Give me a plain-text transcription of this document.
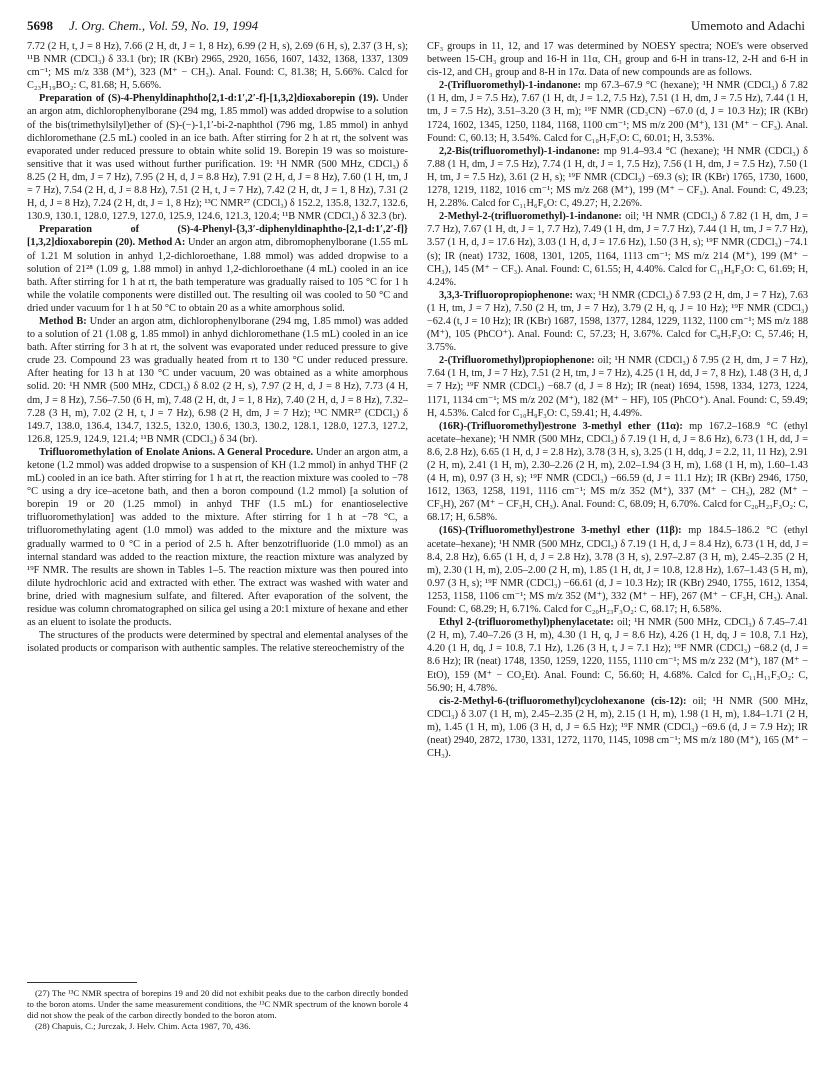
5698 J. Org. Chem., Vol. 59, No. 19, 1994	Umemoto and Adachi

7.72 (2 H, t, J = 8 Hz), 7.66 (2 H, dt, J = 1, 8 Hz), 6.99 (2 H, s), 2.69 (6 H, s), 2.37 (3 H, s); ¹¹B NMR (CDCl₃) δ 33.1 (br); IR (KBr) 2965, 2920, 1656, 1607, 1432, 1368, 1337, 1309 cm⁻¹; MS m/z 338 (M⁺), 323 (M⁺ − CH₃). Anal. Found: C, 81.38; H, 5.66%. Calcd for C₂₃H₁₉BO₂: C, 81.68; H, 5.66%.

Preparation of (S)-4-Phenyldinaphtho[2,1-d:1′,2′-f]-[1,3,2]dioxaborepin (19). Under an argon atm, dichlorophenylborane (294 mg, 1.85 mmol) was added dropwise to a solution of the bis(trimethylsilyl)ether of (S)-(−)-1,1′-bi-2-naphthol (796 mg, 1.85 mmol) in anhyd dichloromethane (2.5 mL) cooled in an ice bath. After stirring for 2 h at rt, the solvent was evaporated under reduced pressure to obtain white solid 19. Borepin 19 was so moisture-sensitive that it was used without further purification. 19: ¹H NMR (500 MHz, CDCl₃) δ 8.25 (2 H, dm, J = 7 Hz), 7.95 (2 H, d, J = 8.8 Hz), 7.91 (2 H, d, J = 8 Hz), 7.60 (1 H, tm, J = 7 Hz), 7.54 (2 H, d, J = 8.8 Hz), 7.51 (2 H, t, J = 7 Hz), 7.42 (2 H, dt, J = 1, 8 Hz), 7.31 (2 H, d, J = 8 Hz), 7.24 (2 H, dt, J = 1, 8 Hz); ¹³C NMR²⁷ (CDCl₃) δ 152.2, 135.8, 132.7, 132.6, 130.9, 130.1, 128.0, 127.9, 127.0, 125.9, 124.6, 121.3, 120.4; ¹¹B NMR (CDCl₃) δ 32.3 (br).

Preparation of (S)-4-Phenyl-{3,3′-diphenyldinaphtho-[2,1-d:1′,2′-f]}[1,3,2]dioxaborepin (20). Method A: Under an argon atm, dibromophenylborane (1.55 mL of 1.21 M solution in anhyd 1,2-dichloroethane, 1.88 mmol) was added dropwise to a solution of 21²⁸ (1.09 g, 1.88 mmol) in anhyd 1,2-dichloroethane (4 mL) cooled in an ice bath. After stirring for 1 h at rt, the bath temperature was gradually raised to 105 °C for 1 h while the volatile components were distilled out. The resulting oil was cooled to 50 °C and dried under vacuum for 1 h at 50 °C to obtain 20 as a white amorphous solid.

Method B: Under an argon atm, dichlorophenylborane (294 mg, 1.85 mmol) was added to a solution of 21 (1.08 g, 1.85 mmol) in anhyd dichloromethane (1.5 mL) cooled in an ice bath. After stirring for 3 h at rt, the solvent was evaporated under reduced pressure to give crude 23. Compound 23 was gradually heated from rt to 130 °C under reduced pressure. After heating for 13 h at 130 °C under vacuum, 20 was obtained as a white amorphous solid. 20: ¹H NMR (500 MHz, CDCl₃) δ 8.02 (2 H, s), 7.97 (2 H, d, J = 8 Hz), 7.73 (4 H, dm, J = 8 Hz), 7.56–7.50 (6 H, m), 7.48 (2 H, dt, J = 1, 8 Hz), 7.40 (2 H, d, J = 8 Hz), 7.32–7.28 (3 H, m), 7.02 (2 H, t, J = 7 Hz), 6.98 (2 H, dm, J = 7 Hz); ¹³C NMR²⁷ (CDCl₃) δ 149.7, 138.0, 136.4, 134.7, 132.5, 132.0, 130.6, 130.3, 130.2, 128.1, 128.0, 127.3, 127.2, 126.8, 125.9, 124.9, 121.4; ¹¹B NMR (CDCl₃) δ 34 (br).

Trifluoromethylation of Enolate Anions. A General Procedure. Under an argon atm, a ketone (1.2 mmol) was added dropwise to a suspension of KH (1.2 mmol) in anhyd THF (2 mL) cooled in an ice bath. After stirring for 1 h at rt, the reaction mixture was cooled to −78 °C using a dry ice–acetone bath, and then a boron compound (1.2 mmol) [a solution of borepin 19 or 20 (1.25 mmol) in anhyd THF (1.5 mL) for enantioselective trifluoromethylation] was added to the mixture. After stirring for 1 h at −78 °C, a trifluoromethylating agent (1.0 mmol) was added to the mixture and the mixture was gradually warmed to 0 °C in a period of 2.5 h. After benzotrifluoride (1.0 mmol) as an internal standard was added to the reaction mixture, the reaction mixture was analyzed by ¹⁹F NMR. The results are shown in Tables 1–5. The reaction mixture was then poured into dilute hydrochloric acid and extracted with ether. The extract was washed with water and brine, dried with magnesium sulfate, and filtered. After evaporation of the solvent, the residue was column chromatographed on silica gel using a 20:1 mixture of hexane and ether as an eluent to isolate the products.

The structures of the products were determined by spectral and elemental analyses of the isolated products or comparison with authentic samples. The relative stereochemistry of the

CF₃ groups in 11, 12, and 17 was determined by NOESY spectra; NOE's were observed between 15-CH₃ group and 16-H in 11α, CH₃ group and 6-H in trans-12, 2-H and 6-H in cis-12, and CH₃ group and 8-H in 17α. Data of new compounds are as follows.

2-(Trifluoromethyl)-1-indanone: mp 67.3–67.9 °C (hexane); ¹H NMR (CDCl₃) δ 7.82 (1 H, dm, J = 7.5 Hz), 7.67 (1 H, dt, J = 1.2, 7.5 Hz), 7.51 (1 H, dm, J = 7.5 Hz), 7.44 (1 H, tm, J = 7.5 Hz), 3.51–3.20 (3 H, m); ¹⁹F NMR (CD₃CN) −67.0 (d, J = 10.3 Hz); IR (KBr) 1724, 1602, 1345, 1250, 1184, 1168, 1100 cm⁻¹; MS m/z 200 (M⁺), 131 (M⁺ − CF₃). Anal. Found: C, 60.13; H, 3.54%. Calcd for C₁₀H₇F₃O: C, 60.01; H, 3.53%.

2,2-Bis(trifluoromethyl)-1-indanone: mp 91.4–93.4 °C (hexane); ¹H NMR (CDCl₃) δ 7.88 (1 H, dm, J = 7.5 Hz), 7.74 (1 H, dt, J = 1, 7.5 Hz), 7.56 (1 H, dm, J = 7.5 Hz), 7.50 (1 H, tm, J = 7.5 Hz), 3.61 (2 H, s); ¹⁹F NMR (CDCl₃) −69.3 (s); IR (KBr) 1765, 1730, 1600, 1278, 1219, 1182, 1016 cm⁻¹; MS m/z 268 (M⁺), 199 (M⁺ − CF₃). Anal. Found: C, 49.23; H, 2.28%. Calcd for C₁₁H₆F₆O: C, 49.27; H, 2.26%.

2-Methyl-2-(trifluoromethyl)-1-indanone: oil; ¹H NMR (CDCl₃) δ 7.82 (1 H, dm, J = 7.7 Hz), 7.67 (1 H, dt, J = 1, 7.7 Hz), 7.49 (1 H, dm, J = 7.7 Hz), 7.44 (1 H, tm, J = 7.7 Hz), 3.57 (1 H, d, J = 17.6 Hz), 3.03 (1 H, d, J = 17.6 Hz), 1.50 (3 H, s); ¹⁹F NMR (CDCl₃) −74.1 (s); IR (neat) 1732, 1608, 1301, 1205, 1164, 1113 cm⁻¹; MS m/z 214 (M⁺), 199 (M⁺ − CH₃), 145 (M⁺ − CF₃). Anal. Found: C, 61.55; H, 4.40%. Calcd for C₁₁H₉F₃O: C, 61.69; H, 4.24%.

3,3,3-Trifluoropropiophenone: wax; ¹H NMR (CDCl₃) δ 7.93 (2 H, dm, J = 7 Hz), 7.63 (1 H, tm, J = 7 Hz), 7.50 (2 H, tm, J = 7 Hz), 3.79 (2 H, q, J = 10 Hz); ¹⁹F NMR (CDCl₃) −62.4 (t, J = 10 Hz); IR (KBr) 1687, 1598, 1377, 1284, 1229, 1132, 1100 cm⁻¹; MS m/z 188 (M⁺), 105 (PhCO⁺). Anal. Found: C, 57.23; H, 3.67%. Calcd for C₉H₇F₃O: C, 57.46; H, 3.75%.

2-(Trifluoromethyl)propiophenone: oil; ¹H NMR (CDCl₃) δ 7.95 (2 H, dm, J = 7 Hz), 7.64 (1 H, tm, J = 7 Hz), 7.51 (2 H, tm, J = 7 Hz), 4.25 (1 H, dd, J = 7, 8 Hz), 1.48 (3 H, d, J = 7 Hz); ¹⁹F NMR (CDCl₃) −68.7 (d, J = 8 Hz); IR (neat) 1694, 1598, 1334, 1273, 1224, 1171, 1134 cm⁻¹; MS m/z 202 (M⁺), 182 (M⁺ − HF), 105 (PhCO⁺). Anal. Found: C, 59.49; H, 4.53%. Calcd for C₁₀H₉F₃O: C, 59.41; H, 4.49%.

(16R)-(Trifluoromethyl)estrone 3-methyl ether (11α): mp 167.2–168.9 °C (ethyl acetate–hexane); ¹H NMR (500 MHz, CDCl₃) δ 7.19 (1 H, d, J = 8.6 Hz), 6.73 (1 H, dd, J = 8.6, 2.8 Hz), 6.65 (1 H, d, J = 2.8 Hz), 3.78 (3 H, s), 3.25 (1 H, ddq, J = 2.2, 11, 11 Hz), 2.91 (2 H, m), 2.41 (1 H, m), 2.30–2.26 (2 H, m), 2.02–1.94 (3 H, m), 1.68 (1 H, m), 1.60–1.43 (4 H, m), 0.97 (3 H, s); ¹⁹F NMR (CDCl₃) −66.59 (d, J = 11.1 Hz); IR (KBr) 2946, 1750, 1612, 1363, 1258, 1191, 1116 cm⁻¹; MS m/z 352 (M⁺), 337 (M⁺ − CH₃), 282 (M⁺ − CF₃H), 267 (M⁺ − CF₃H, CH₃). Anal. Found: C, 68.09; H, 6.70%. Calcd for C₂₀H₂₃F₃O₂: C, 68.17; H, 6.58%.

(16S)-(Trifluoromethyl)estrone 3-methyl ether (11β): mp 184.5–186.2 °C (ethyl acetate–hexane); ¹H NMR (500 MHz, CDCl₃) δ 7.19 (1 H, d, J = 8.4 Hz), 6.73 (1 H, dd, J = 8.4, 2.8 Hz), 6.65 (1 H, d, J = 2.8 Hz), 3.78 (3 H, s), 2.97–2.87 (3 H, m), 2.45–2.35 (2 H, m), 2.30 (1 H, m), 2.05–2.00 (2 H, m), 1.85 (1 H, dt, J = 10.8, 12.8 Hz), 1.67–1.43 (5 H, m), 0.97 (3 H, s); ¹⁹F NMR (CDCl₃) −66.61 (d, J = 10.3 Hz); IR (KBr) 2940, 1755, 1612, 1354, 1253, 1158, 1106 cm⁻¹; MS m/z 352 (M⁺), 332 (M⁺ − HF), 267 (M⁺ − CF₃H, CH₃). Anal. Found: C, 68.29; H, 6.71%. Calcd for C₂₀H₂₃F₃O₂: C, 68.17; H, 6.58%.

Ethyl 2-(trifluoromethyl)phenylacetate: oil; ¹H NMR (500 MHz, CDCl₃) δ 7.45–7.41 (2 H, m), 7.40–7.26 (3 H, m), 4.30 (1 H, q, J = 8.6 Hz), 4.26 (1 H, dq, J = 10.8, 7.1 Hz), 4.20 (1 H, dq, J = 10.8, 7.1 Hz), 1.26 (3 H, t, J = 7.1 Hz); ¹⁹F NMR (CDCl₃) −68.2 (d, J = 8.6 Hz); IR (neat) 1748, 1350, 1259, 1220, 1155, 1110 cm⁻¹; MS m/z 232 (M⁺), 187 (M⁺ − EtO), 159 (M⁺ − CO₂Et). Anal. Found: C, 56.60; H, 4.68%. Calcd for C₁₁H₁₁F₃O₂: C, 56.90; H, 4.78%.

cis-2-Methyl-6-(trifluoromethyl)cyclohexanone (cis-12): oil; ¹H NMR (500 MHz, CDCl₃) δ 3.07 (1 H, m), 2.45–2.35 (2 H, m), 2.15 (1 H, m), 1.98 (1 H, m), 1.84–1.71 (2 H, m), 1.45 (1 H, m), 1.06 (3 H, d, J = 6.5 Hz); ¹⁹F NMR (CDCl₃) −69.6 (d, J = 7.9 Hz); IR (neat) 2940, 2872, 1730, 1331, 1272, 1170, 1145, 1098 cm⁻¹; MS m/z 180 (M⁺), 165 (M⁺ − CH₃).

(27) The ¹³C NMR spectra of borepins 19 and 20 did not exhibit peaks due to the carbon directly bonded to the boron atoms. Under the same measurement conditions, the ¹³C NMR spectrum of the known borole 4 did not show the peak of the carbon directly bonded to the boron atom.

(28) Chapuis, C.; Jurczak, J. Helv. Chim. Acta 1987, 70, 436.
